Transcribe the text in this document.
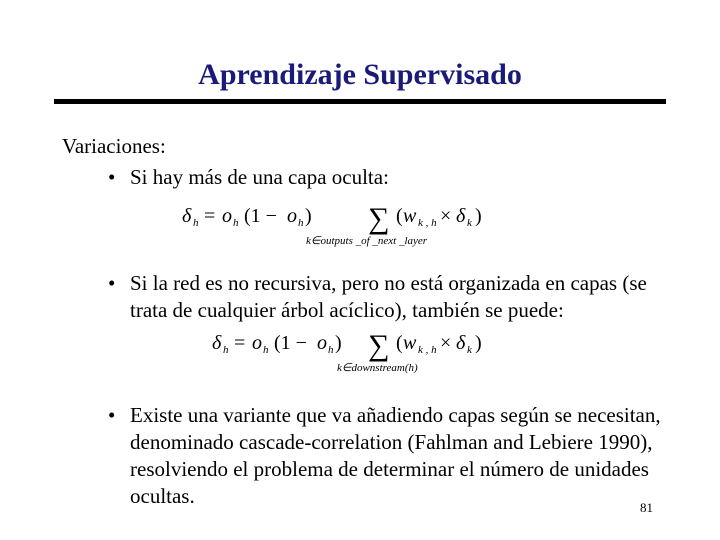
Aprendizaje Supervisado
Variaciones:
• Si hay más de una capa oculta:
δ h = o h (1 − o h ) ∑ ( w k , h × δ k )
k∈outputs _of _next _layer
• Si la red es no recursiva, pero no está organizada en capas (se trata de cualquier árbol acíclico), también se puede:
δ h = o h (1 − o h ) ∑ ( w k , h × δ k )
k∈downstream(h)
• Existe una variante que va añadiendo capas según se necesitan, denominado cascade-correlation (Fahlman and Lebiere 1990), resolviendo el problema de determinar el número de unidades ocultas.	81
